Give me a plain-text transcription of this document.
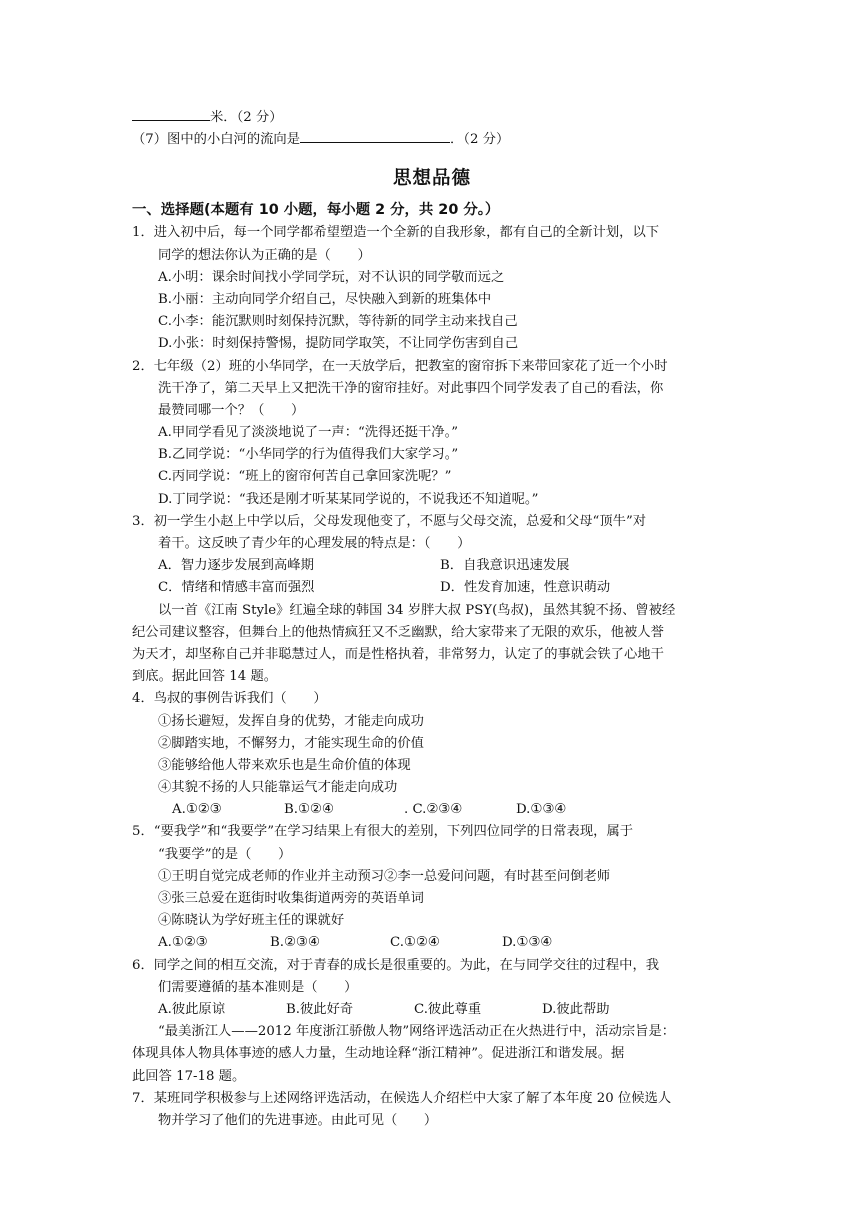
米．（2 分）
（7）图中的小白河的流向是	．（2 分）
思想品德
一、选择题(本题有 10 小题，每小题 2 分，共 20 分。）
1．进入初中后，每一个同学都希望塑造一个全新的自我形象，都有自己的全新计划，以下
同学的想法你认为正确的是（　　）
A.小明：课余时间找小学同学玩，对不认识的同学敬而远之
B.小丽：主动向同学介绍自己，尽快融入到新的班集体中
C.小李：能沉默则时刻保持沉默，等待新的同学主动来找自己
D.小张：时刻保持警惕，提防同学取笑，不让同学伤害到自己
2．七年级（2）班的小华同学，在一天放学后，把教室的窗帘拆下来带回家花了近一个小时
洗干净了，第二天早上又把洗干净的窗帘挂好。对此事四个同学发表了自己的看法，你
最赞同哪一个？（　　）
A.甲同学看见了淡淡地说了一声：“洗得还挺干净。”
B.乙同学说：“小华同学的行为值得我们大家学习。”
C.丙同学说：“班上的窗帘何苦自己拿回家洗呢？”
D.丁同学说：“我还是刚才听某某同学说的，不说我还不知道呢。”
3．初一学生小赵上中学以后，父母发现他变了，不愿与父母交流，总爱和父母“顶牛”对
着干。这反映了青少年的心理发展的特点是：（　　）
A．智力逐步发展到高峰期	B．自我意识迅速发展
C．情绪和情感丰富而强烈	D．性发育加速，性意识萌动
以一首《江南 Style》红遍全球的韩国 34 岁胖大叔 PSY(鸟叔)，虽然其貌不扬、曾被经
纪公司建议整容，但舞台上的他热情疯狂又不乏幽默，给大家带来了无限的欢乐，他被人誉
为天才，却坚称自己并非聪慧过人，而是性格执着，非常努力，认定了的事就会铁了心地干
到底。据此回答 14 题。
4．鸟叔的事例告诉我们（　　）
①扬长避短，发挥自身的优势，才能走向成功
②脚踏实地，不懈努力，才能实现生命的价值
③能够给他人带来欢乐也是生命价值的体现
④其貌不扬的人只能靠运气才能走向成功
A.①②③	B.①②④	. C.②③④	D.①③④
5．“要我学”和“我要学”在学习结果上有很大的差别，下列四位同学的日常表现，属于
“我要学”的是（　　）
①王明自觉完成老师的作业并主动预习②李一总爱问问题，有时甚至问倒老师
③张三总爱在逛街时收集街道两旁的英语单词
④陈晓认为学好班主任的课就好
A.①②③	B.②③④	C.①②④	D.①③④
6．同学之间的相互交流，对于青春的成长是很重要的。为此，在与同学交往的过程中，我
们需要遵循的基本准则是（　　）
A.彼此原谅	B.彼此好奇	C.彼此尊重	D.彼此帮助
“最美浙江人——2012 年度浙江骄傲人物”网络评选活动正在火热进行中，活动宗旨是：
体现具体人物具体事迹的感人力量，生动地诠释“浙江精神”。促进浙江和谐发展。据
此回答 17-18 题。
7．某班同学积极参与上述网络评选活动，在候选人介绍栏中大家了解了本年度 20 位候选人
物并学习了他们的先进事迹。由此可见（　　）
